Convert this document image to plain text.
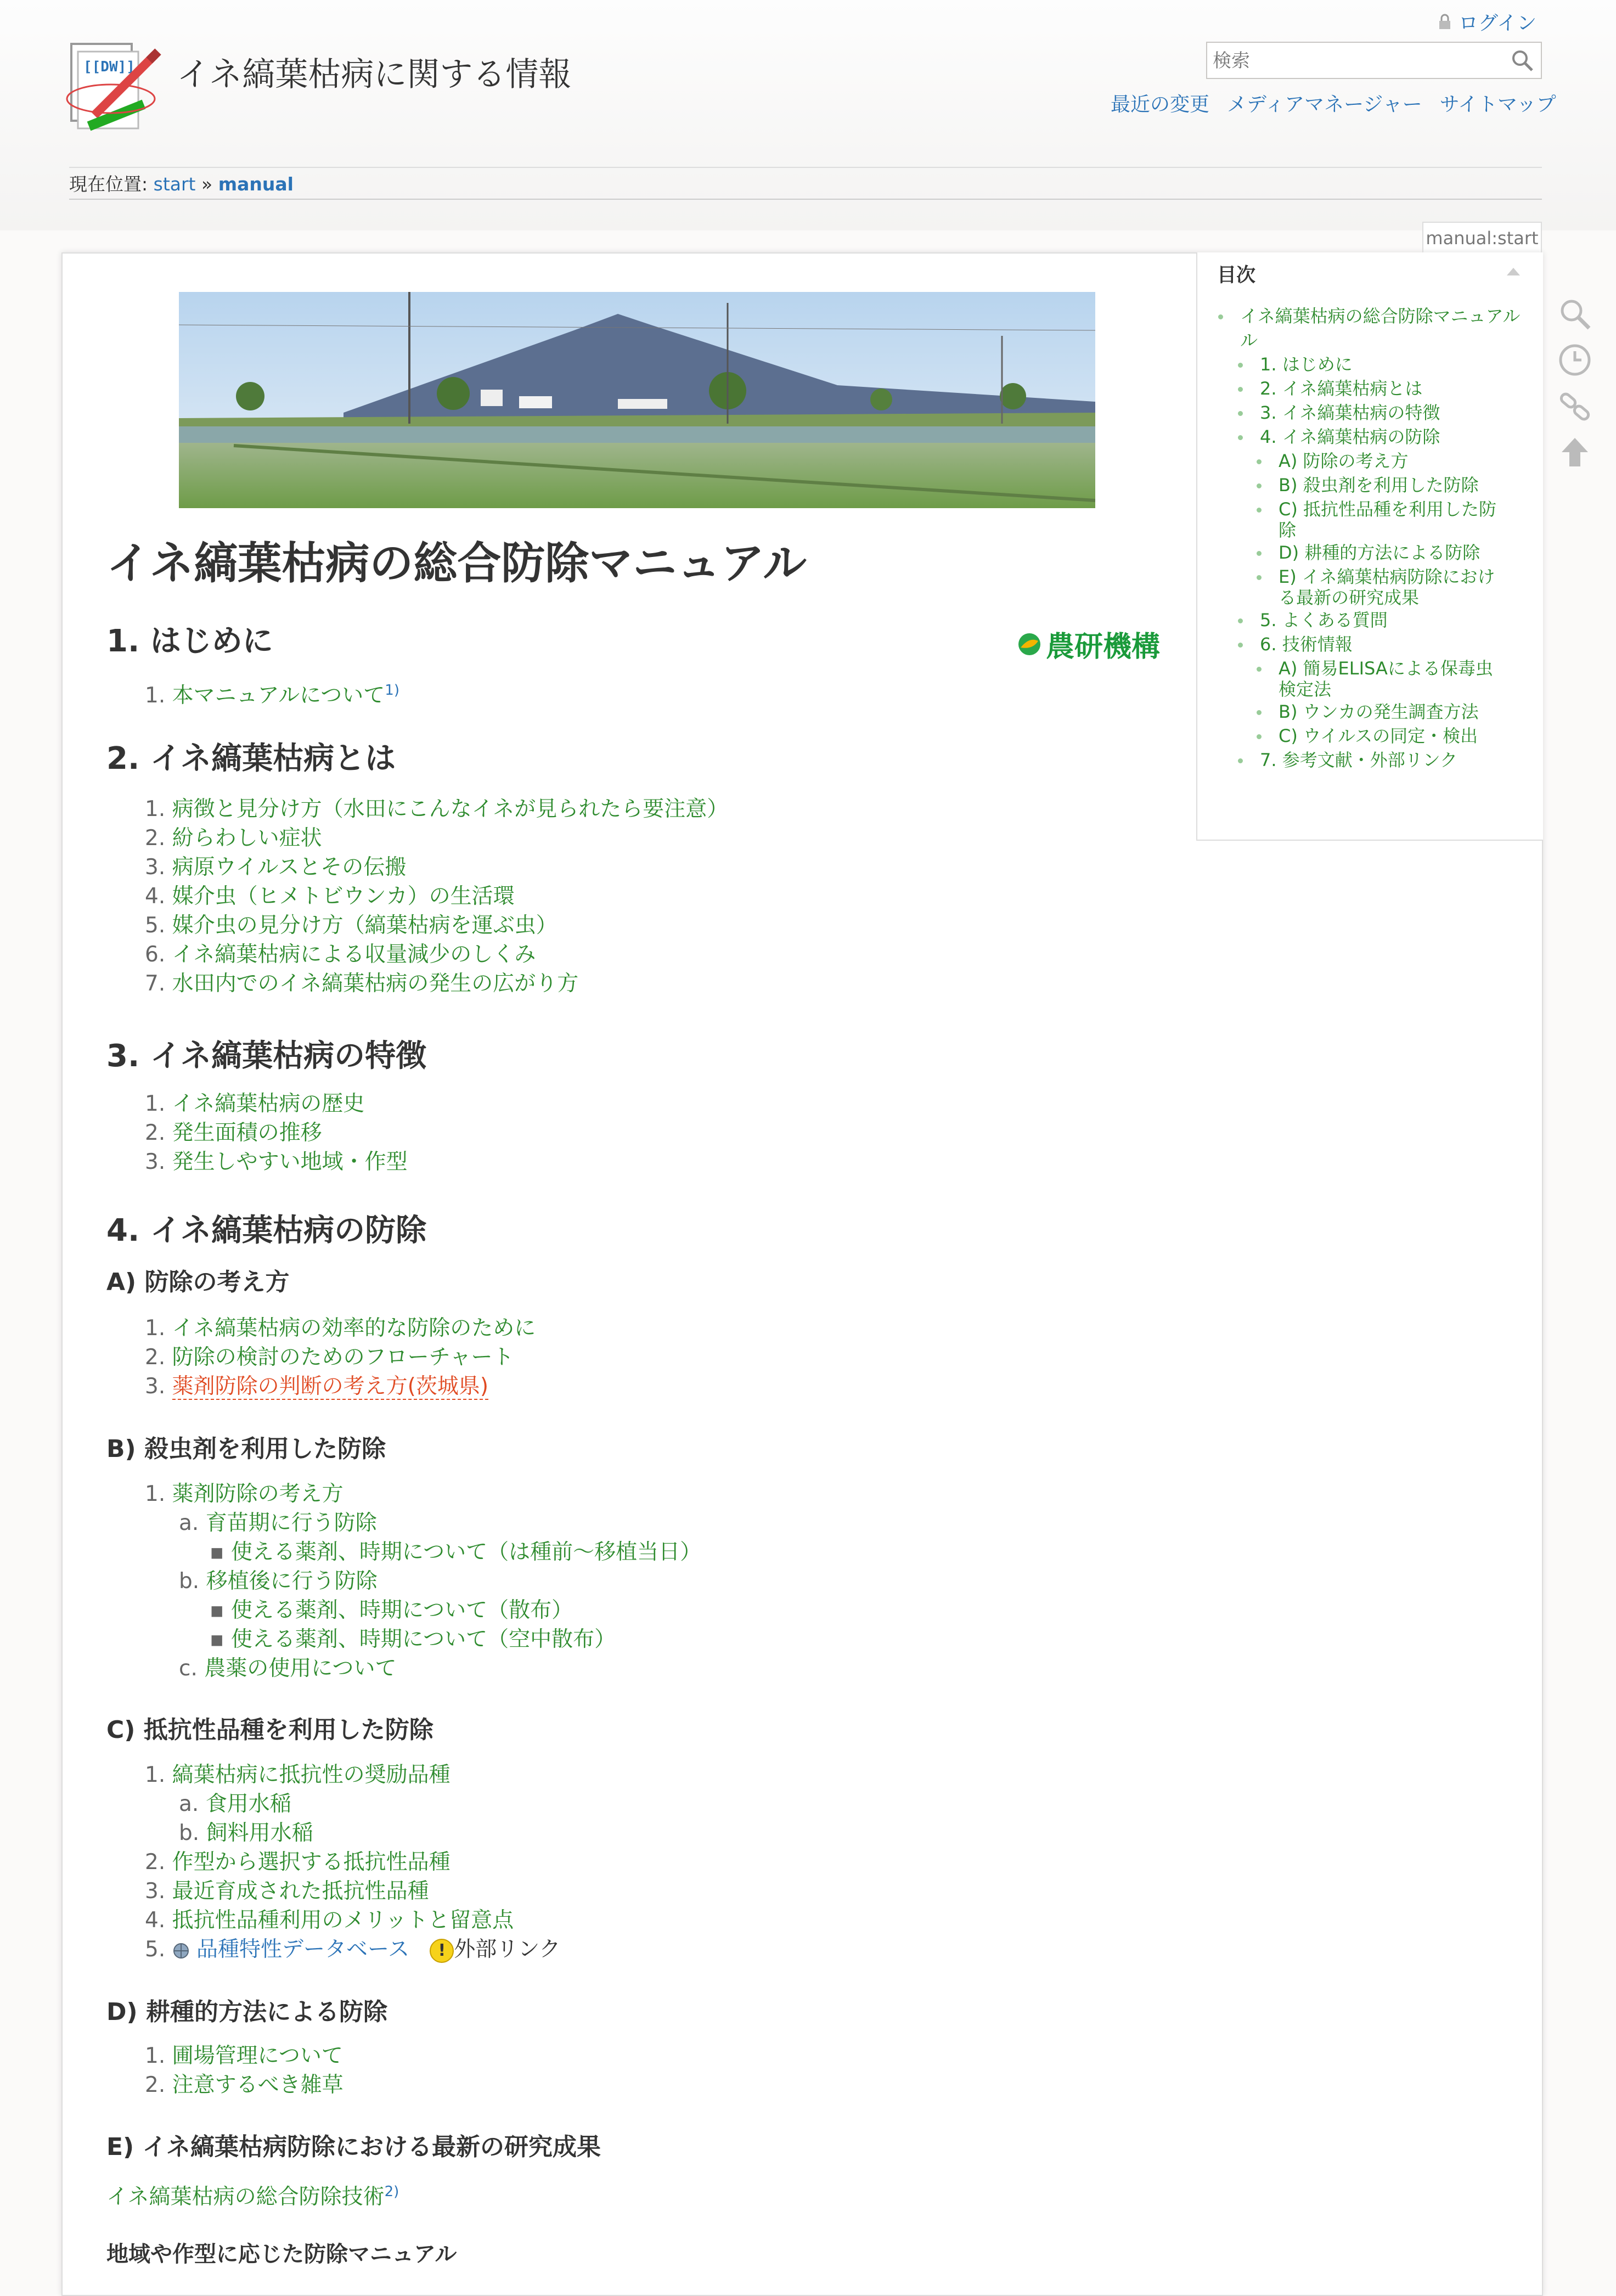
[[DW]] イネ縞葉枯病に関する情報
ログイン
検索
最近の変更 メディアマネージャー サイトマップ
現在位置: start » manual
manual:start
目次
イネ縞葉枯病の総合防除マニュアル
ル
1. はじめに
2. イネ縞葉枯病とは
3. イネ縞葉枯病の特徴
4. イネ縞葉枯病の防除
A) 防除の考え方
B) 殺虫剤を利用した防除
C) 抵抗性品種を利用した防
除
D) 耕種的方法による防除
E) イネ縞葉枯病防除におけ
る最新の研究成果
5. よくある質問
6. 技術情報
A) 簡易ELISAによる保毒虫
検定法
B) ウンカの発生調査方法
C) ウイルスの同定・検出
7. 参考文献・外部リンク
イネ縞葉枯病の総合防除マニュアル
農研機構
1. はじめに
1. 本マニュアルについて$^{1)}$
2. イネ縞葉枯病とは
1. 病徴と見分け方（水田にこんなイネが見られたら要注意）
2. 紛らわしい症状
3. 病原ウイルスとその伝搬
4. 媒介虫（ヒメトビウンカ）の生活環
5. 媒介虫の見分け方（縞葉枯病を運ぶ虫）
6. イネ縞葉枯病による収量減少のしくみ
7. 水田内でのイネ縞葉枯病の発生の広がり方
3. イネ縞葉枯病の特徴
1. イネ縞葉枯病の歴史
2. 発生面積の推移
3. 発生しやすい地域・作型
4. イネ縞葉枯病の防除
A) 防除の考え方
1. イネ縞葉枯病の効率的な防除のために
2. 防除の検討のためのフローチャート
3. 薬剤防除の判断の考え方(茨城県)
B) 殺虫剤を利用した防除
1. 薬剤防除の考え方
a. 育苗期に行う防除
▪ 使える薬剤、時期について（は種前～移植当日）
b. 移植後に行う防除
▪ 使える薬剤、時期について（散布）
▪ 使える薬剤、時期について（空中散布）
c. 農薬の使用について
C) 抵抗性品種を利用した防除
1. 縞葉枯病に抵抗性の奨励品種
a. 食用水稲
b. 飼料用水稲
2. 作型から選択する抵抗性品種
3. 最近育成された抵抗性品種
4. 抵抗性品種利用のメリットと留意点
5. 品種特性データベース ! 外部リンク
D) 耕種的方法による防除
1. 圃場管理について
2. 注意するべき雑草
E) イネ縞葉枯病防除における最新の研究成果
イネ縞葉枯病の総合防除技術$^{2)}$
地域や作型に応じた防除マニュアル
